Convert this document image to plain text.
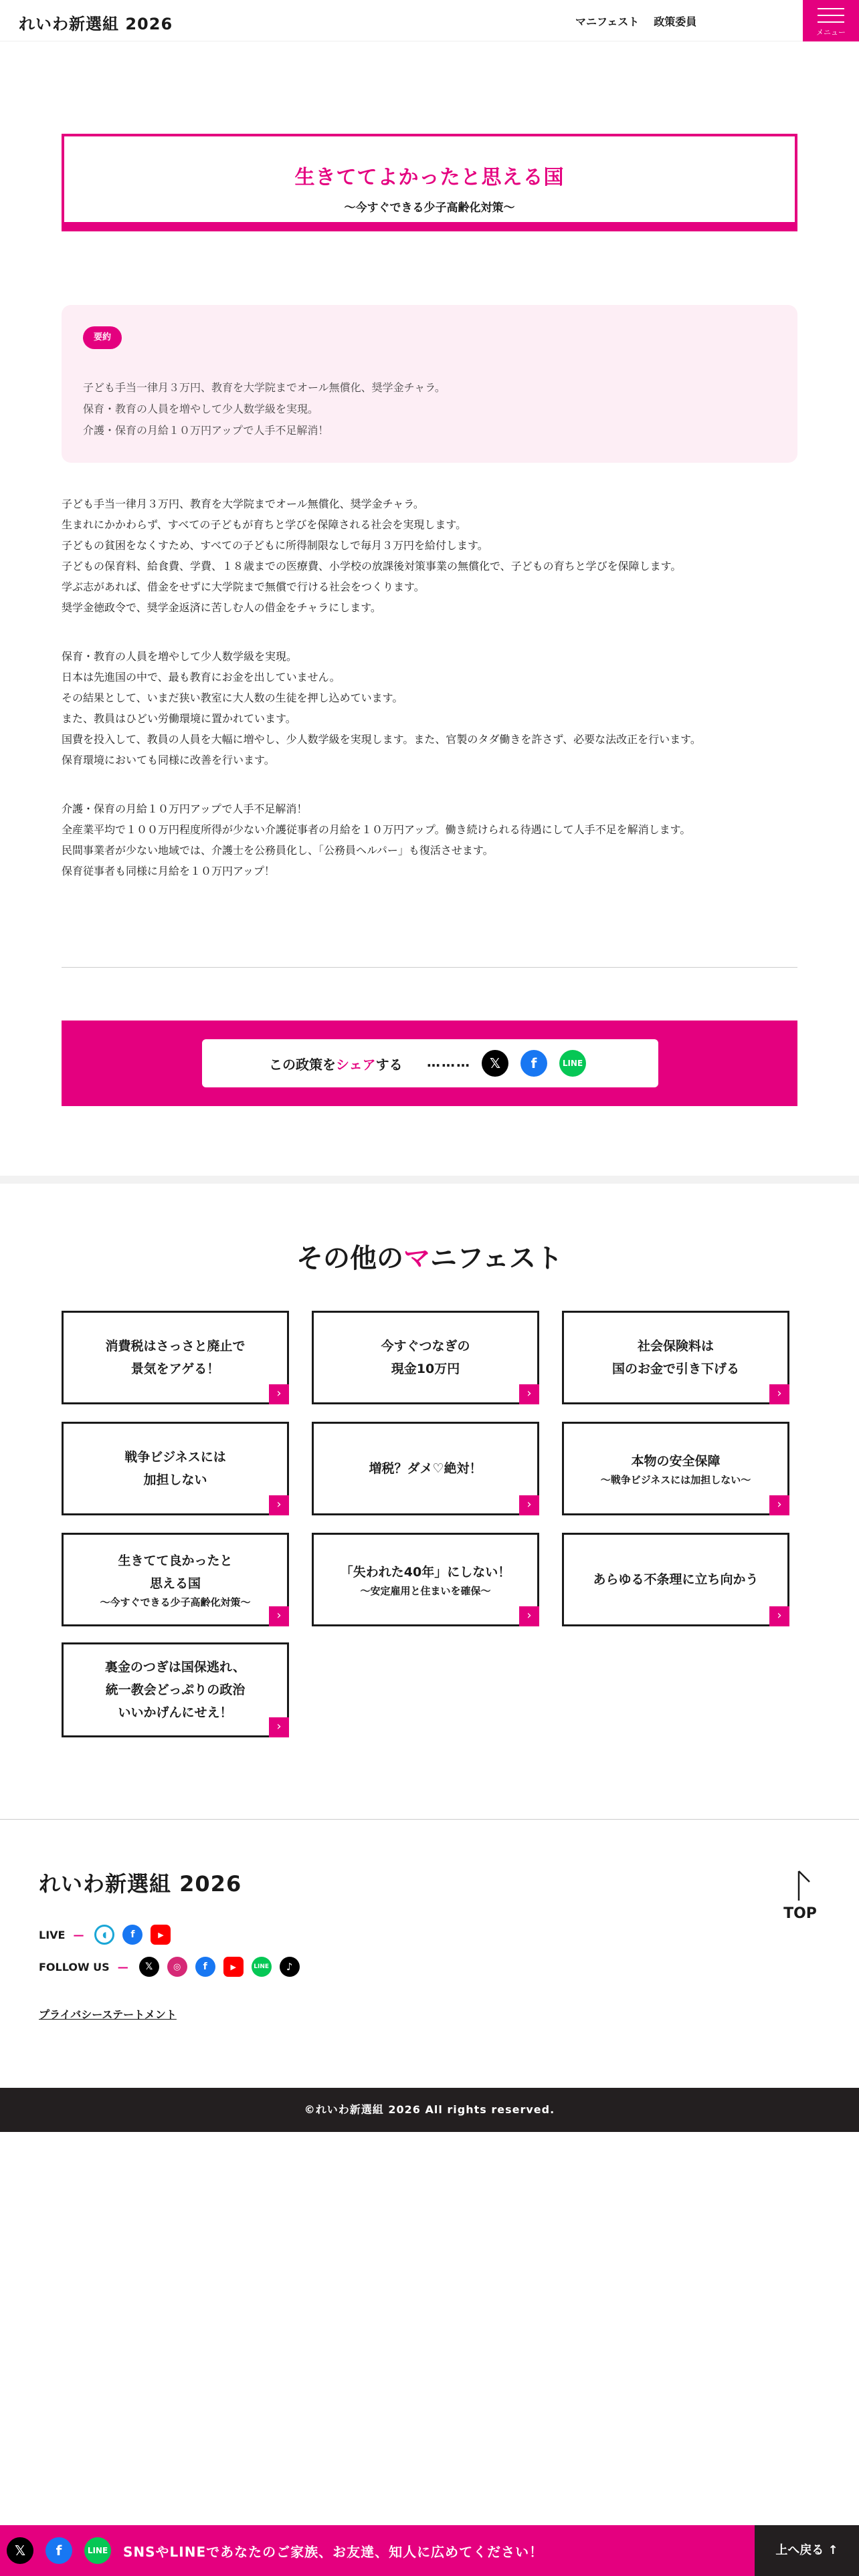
れいわ新選組 2026	マニフェスト 政策委員
メニュー
生きててよかったと思える国
〜今すぐできる少子高齢化対策〜
要約
子ども手当一律月３万円、教育を大学院までオール無償化、奨学金チャラ。
保育・教育の人員を増やして少人数学級を実現。
介護・保育の月給１０万円アップで人手不足解消！
子ども手当一律月３万円、教育を大学院までオール無償化、奨学金チャラ。
生まれにかかわらず、すべての子どもが育ちと学びを保障される社会を実現します。
子どもの貧困をなくすため、すべての子どもに所得制限なしで毎月３万円を給付します。
子どもの保育料、給食費、学費、１８歳までの医療費、小学校の放課後対策事業の無償化で、子どもの育ちと学びを保障します。
学ぶ志があれば、借金をせずに大学院まで無償で行ける社会をつくります。
奨学金徳政令で、奨学金返済に苦しむ人の借金をチャラにします。
保育・教育の人員を増やして少人数学級を実現。
日本は先進国の中で、最も教育にお金を出していません。
その結果として、いまだ狭い教室に大人数の生徒を押し込めています。
また、教員はひどい労働環境に置かれています。
国費を投入して、教員の人員を大幅に増やし、少人数学級を実現します。また、官製のタダ働きを許さず、必要な法改正を行います。
保育環境においても同様に改善を行います。
介護・保育の月給１０万円アップで人手不足解消！
全産業平均で１００万円程度所得が少ない介護従事者の月給を１０万円アップ。働き続けられる待遇にして人手不足を解消します。
民間事業者が少ない地域では、介護士を公務員化し、「公務員ヘルパー」も復活させます。
保育従事者も同様に月給を１０万円アップ！
この政策をシェアする ………	𝕏	f	LINE
その他のマニフェスト
消費税はさっさと廃止で
景気をアゲる！
›
今すぐつなぎの
現金10万円
›
社会保険料は
国のお金で引き下げる
›
戦争ビジネスには
加担しない
›
増税？ダメ♡絶対！
›
本物の安全保障
〜戦争ビジネスには加担しない〜
›
生きてて良かったと
思える国
〜今すぐできる少子高齢化対策〜
›
「失われた40年」にしない！
〜安定雇用と住まいを確保〜
›
あらゆる不条理に立ち向かう
›
裏金のつぎは国保逃れ、
統一教会どっぷりの政治
いいかげんにせえ！
›
れいわ新選組 2026
LIVE —	◖	f	▶
FOLLOW US —	𝕏	◎	f	▶	LINE	♪
プライバシーステートメント
TOP
©れいわ新選組 2026 All rights reserved.
𝕏	f	LINE SNSやLINEであなたのご家族、お友達、知人に広めてください！	上へ戻る ↑
